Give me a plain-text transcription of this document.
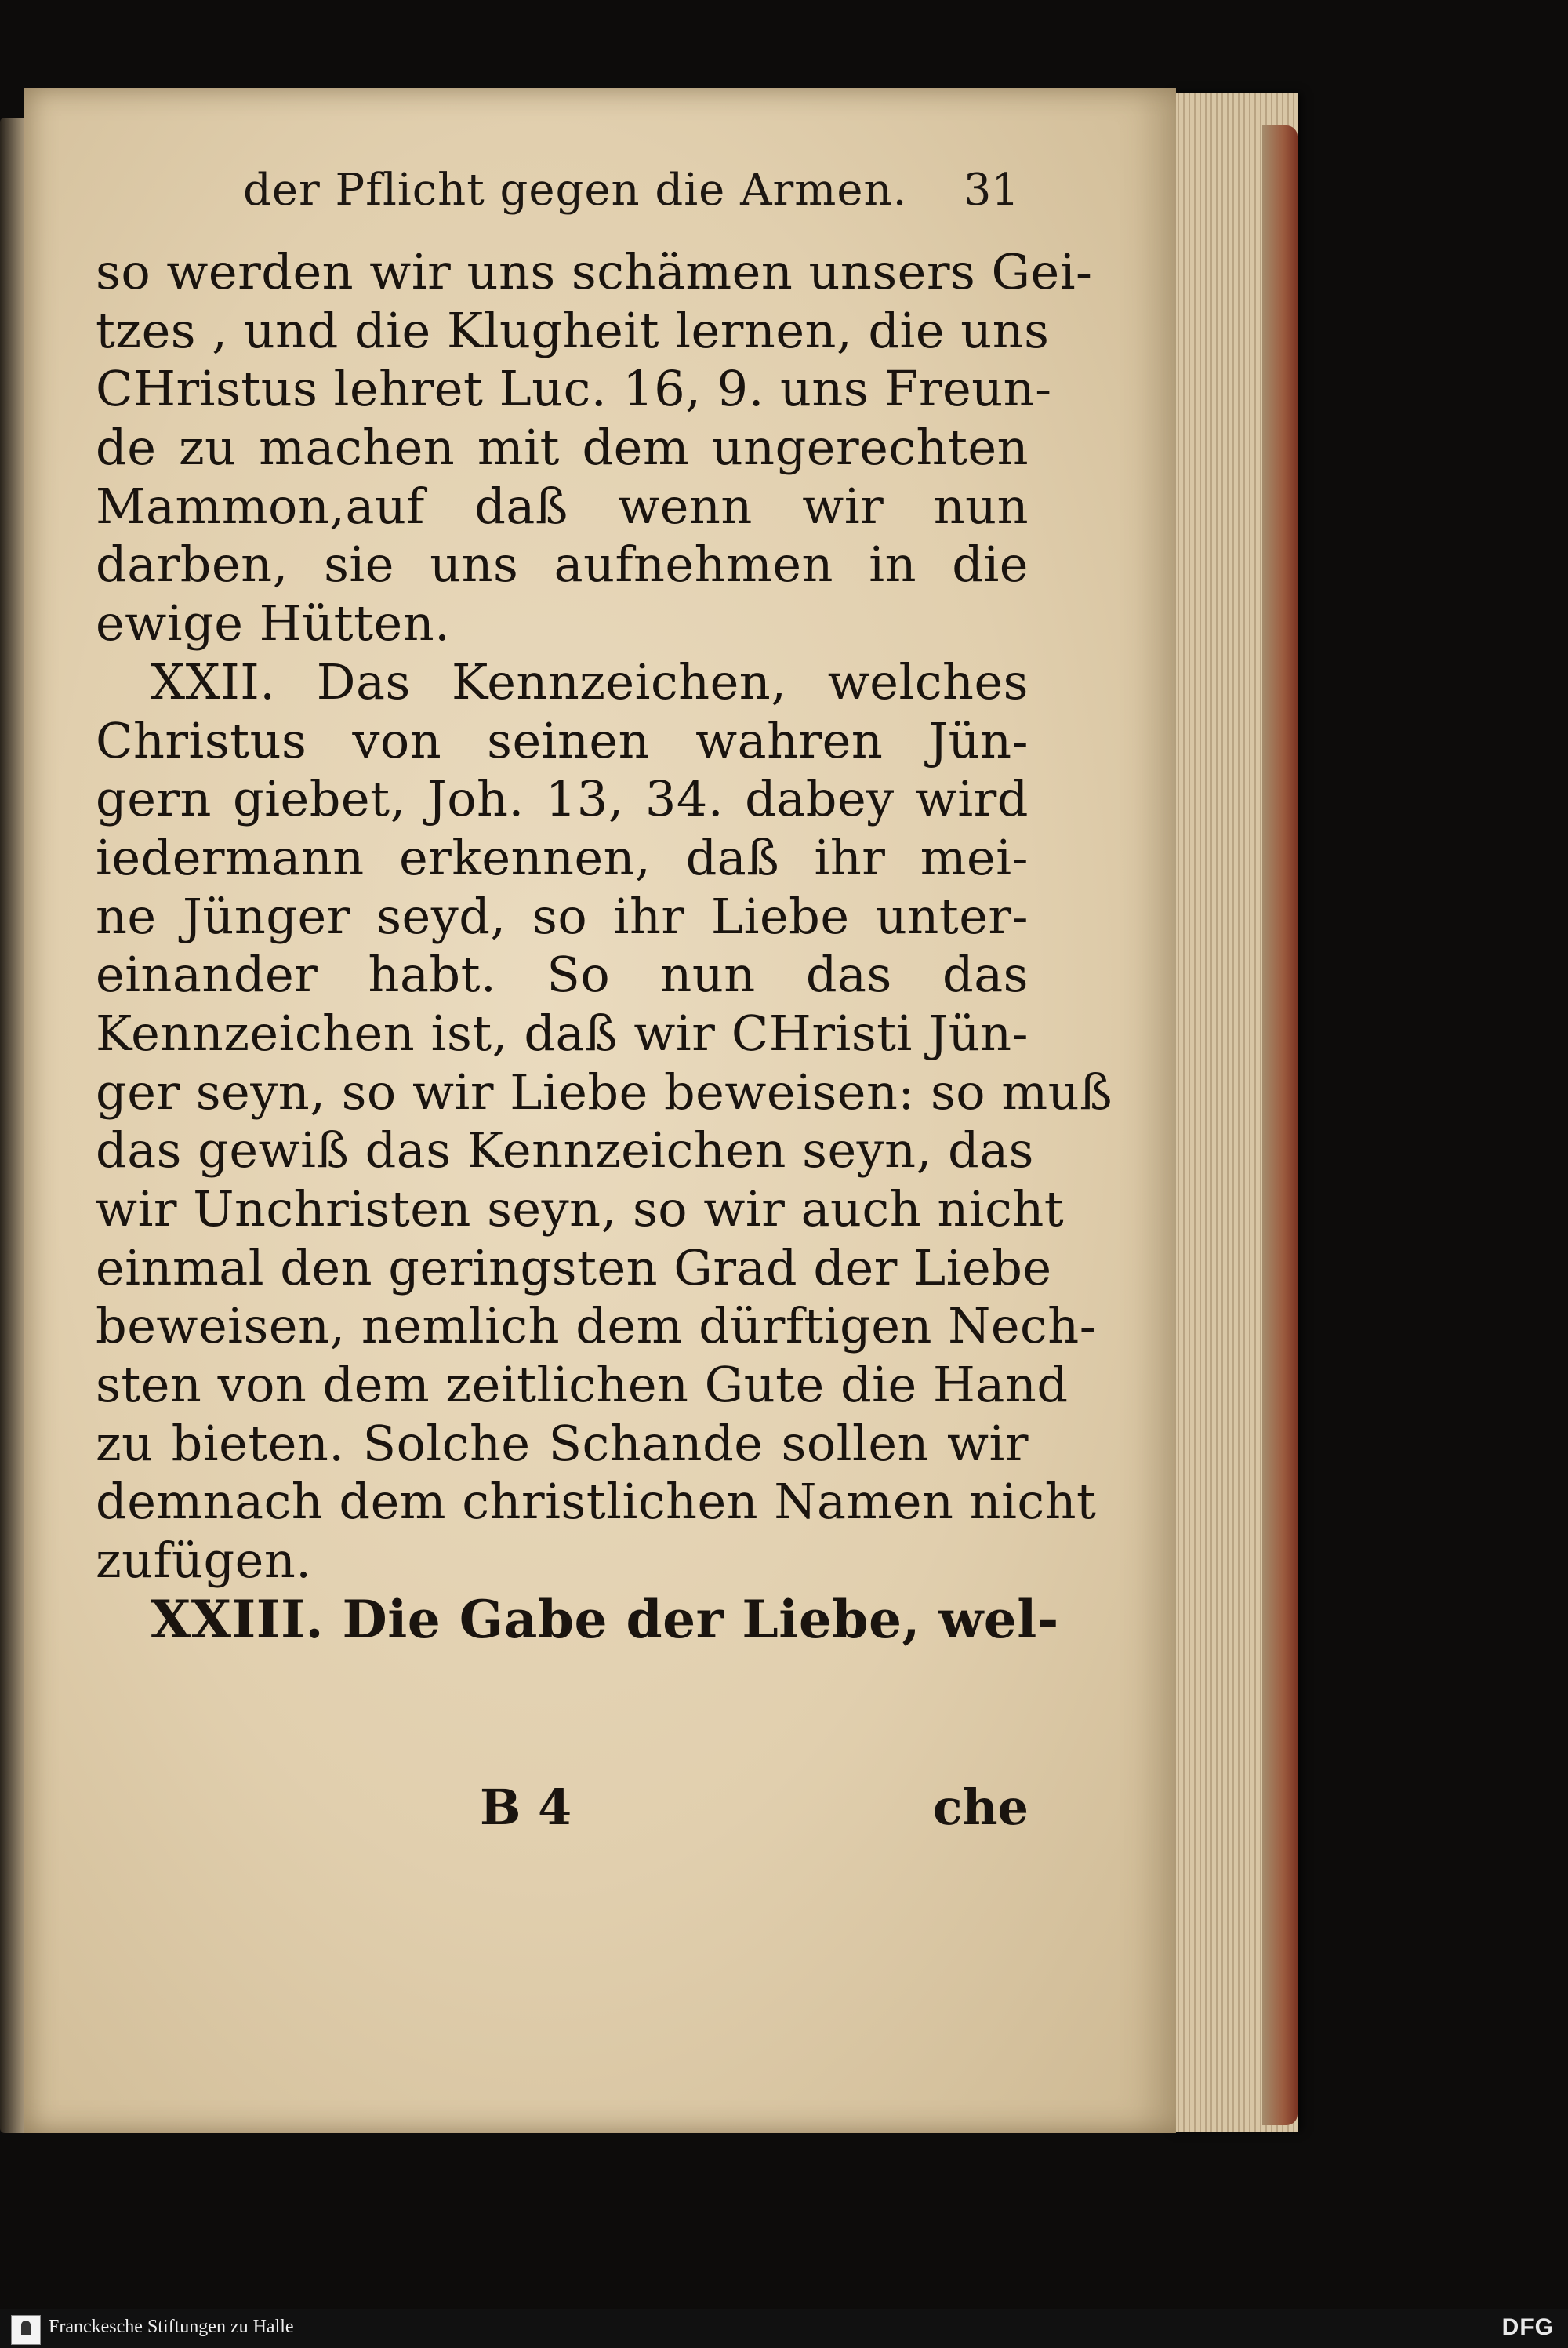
der Pflicht gegen die Armen. 31
so werden wir uns schämen unsers Gei-
tzes , und die Klugheit lernen, die uns
CHristus lehret Luc. 16, 9. uns Freun-
de zu machen mit dem ungerechten
Mammon,auf daß wenn wir nun
darben, sie uns aufnehmen in die
ewige Hütten.
XXII. Das Kennzeichen, welches
Christus von seinen wahren Jün-
gern giebet, Joh. 13, 34. dabey wird
iedermann erkennen, daß ihr mei-
ne Jünger seyd, so ihr Liebe unter-
einander habt. So nun das das
Kennzeichen ist, daß wir CHristi Jün-
ger seyn, so wir Liebe beweisen: so muß
das gewiß das Kennzeichen seyn, das
wir Unchristen seyn, so wir auch nicht
einmal den geringsten Grad der Liebe
beweisen, nemlich dem dürftigen Nech-
sten von dem zeitlichen Gute die Hand
zu bieten. Solche Schande sollen wir
demnach dem christlichen Namen nicht
zufügen.
XXIII. Die Gabe der Liebe, wel-
B 4	che
Franckesche Stiftungen zu Halle	DFG
